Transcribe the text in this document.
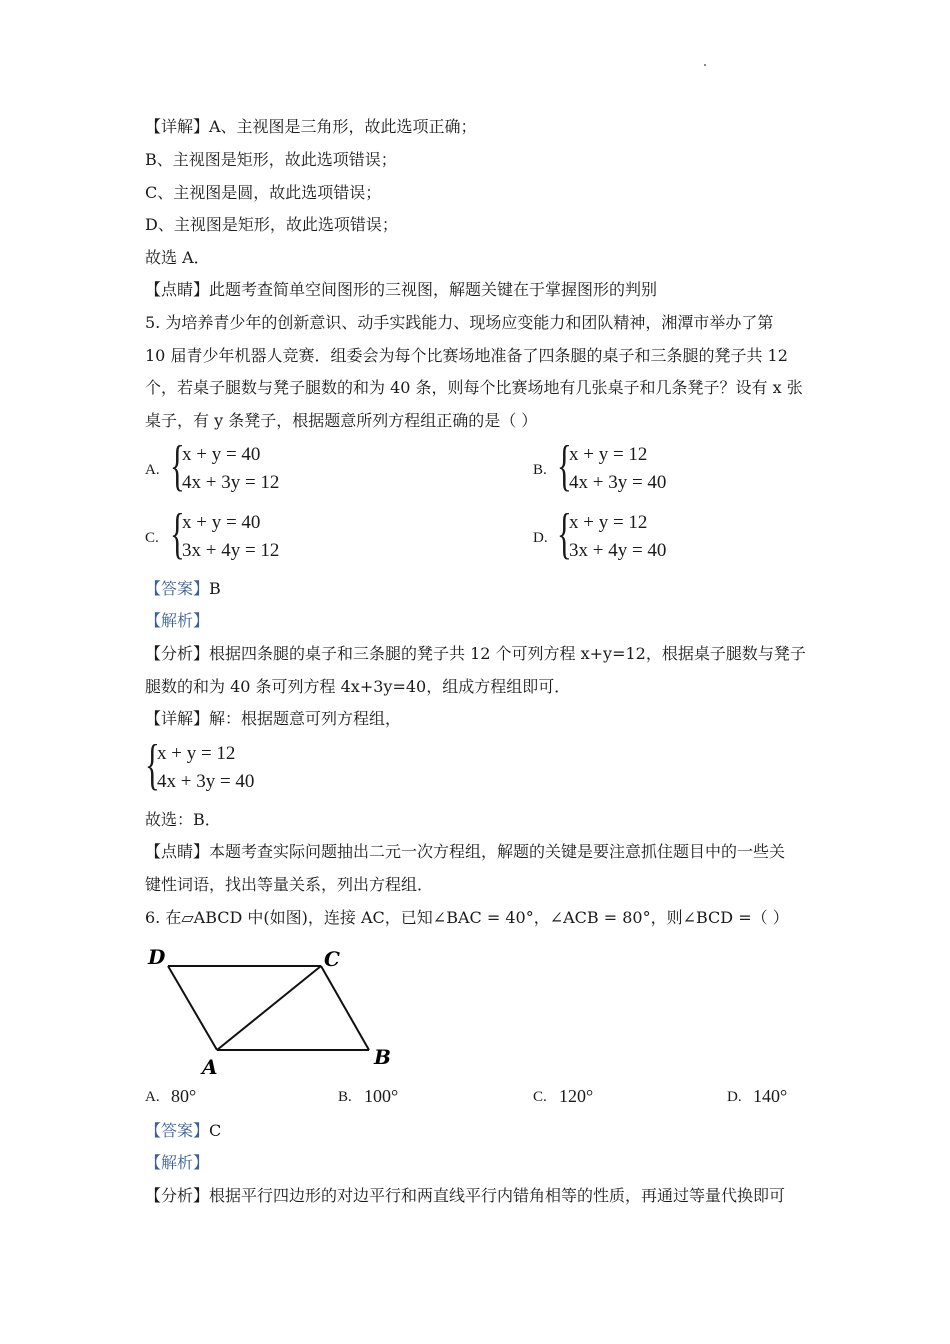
【详解】A、主视图是三角形，故此选项正确；
B、主视图是矩形，故此选项错误；
C、主视图是圆，故此选项错误；
D、主视图是矩形，故此选项错误；
故选 A．
【点睛】此题考查简单空间图形的三视图，解题关键在于掌握图形的判别
5. 为培养青少年的创新意识、动手实践能力、现场应变能力和团队精神，湘潭市举办了第
10 届青少年机器人竞赛．组委会为每个比赛场地准备了四条腿的桌子和三条腿的凳子共 12
个，若桌子腿数与凳子腿数的和为 40 条，则每个比赛场地有几张桌子和几条凳子？设有 x 张
桌子，有 y 条凳子，根据题意所列方程组正确的是（ ）
A. {
x + y = 40
4x + 3y = 12
B. {
x + y = 12
4x + 3y = 40
C. {
x + y = 40
3x + 4y = 12
D. {
x + y = 12
3x + 4y = 40
【答案】B
【解析】
【分析】根据四条腿的桌子和三条腿的凳子共 12 个可列方程 x+y=12，根据桌子腿数与凳子
腿数的和为 40 条可列方程 4x+3y=40，组成方程组即可．
【详解】解：根据题意可列方程组，
{
x + y = 12
4x + 3y = 40
故选：B．
【点睛】本题考查实际问题抽出二元一次方程组，解题的关键是要注意抓住题目中的一些关
键性词语，找出等量关系，列出方程组．
6. 在▱ABCD 中(如图)，连接 AC，已知∠BAC = 40°，∠ACB = 80°，则∠BCD =（ ）
D	C
B
A
A. 80°	B. 100°	C. 120°	D. 140°
【答案】C
【解析】
【分析】根据平行四边形的对边平行和两直线平行内错角相等的性质，再通过等量代换即可
